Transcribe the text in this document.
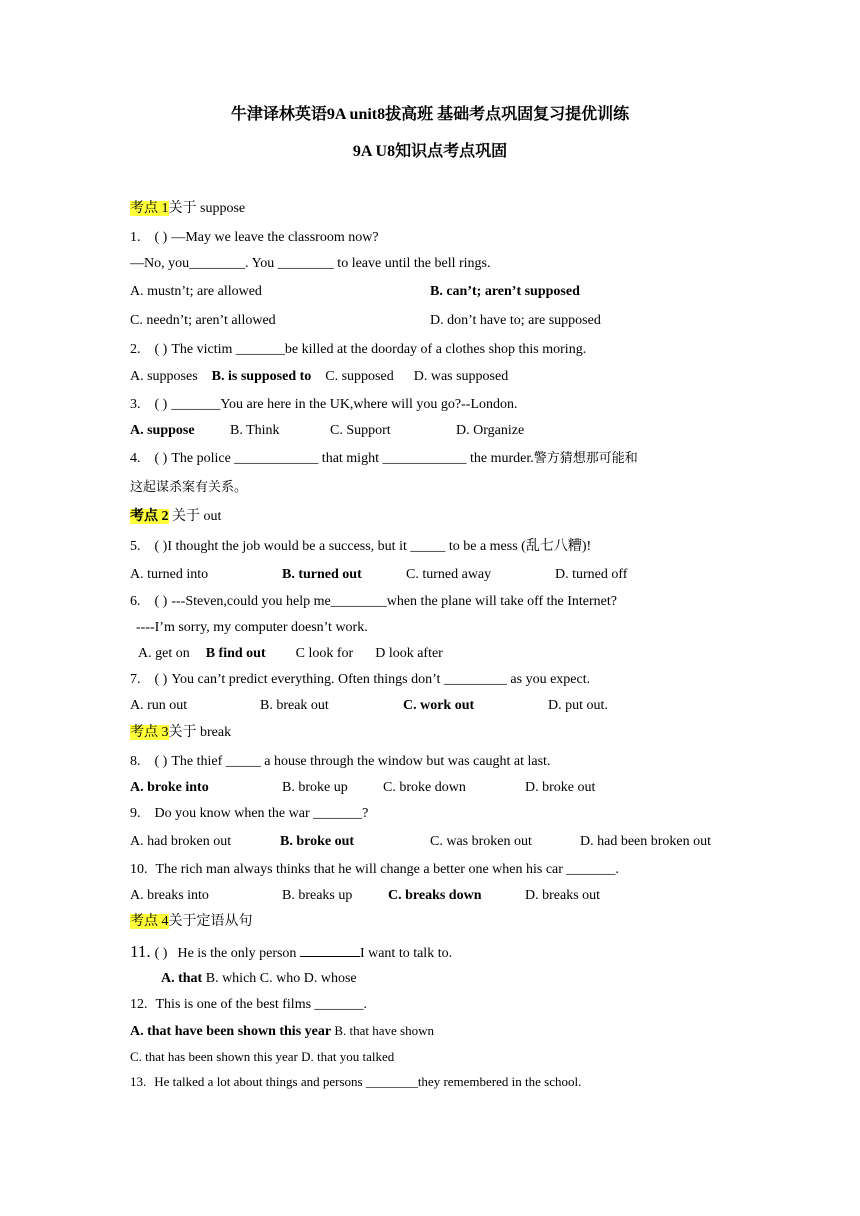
牛津译林英语9A unit8拔高班 基础考点巩固复习提优训练
9A U8知识点考点巩固
考点 1关于 suppose
1. ( ) —May we leave the classroom now?
—No, you________. You ________ to leave until the bell rings.
A. mustn’t; are allowed	B. can’t; aren’t supposed
C. needn’t; aren’t allowed	D. don’t have to; are supposed
2. ( ) The victim _______be killed at the doorday of a clothes shop this moring.
A. supposes B. is supposed to C. supposed D. was supposed
3. ( ) _______You are here in the UK,where will you go?--London.
A. suppose	B. Think	C. Support	D. Organize
4. ( ) The police ____________ that might ____________ the murder.警方猜想那可能和
这起谋杀案有关系。
考点 2 关于 out
5. ( )I thought the job would be a success, but it _____ to be a mess (乱七八糟)!
A. turned into	B. turned out	C. turned away	D. turned off
6. ( ) ---Steven,could you help me________when the plane will take off the Internet?
----I’m sorry, my computer doesn’t work.
A. get on B find out C look for D look after
7. ( ) You can’t predict everything. Often things don’t _________ as you expect.
A. run out	B. break out	C. work out	D. put out.
考点 3关于 break
8. ( ) The thief _____ a house through the window but was caught at last.
A. broke into	B. broke up	C. broke down	D. broke out
9. Do you know when the war _______?
A. had broken out	B. broke out	C. was broken out	D. had been broken out
10. The rich man always thinks that he will change a better one when his car _______.
A. breaks into	B. breaks up	C. breaks down	D. breaks out
考点 4关于定语从句
11. ( ) He is the only person	I want to talk to.
A. that B. which C. who D. whose
12. This is one of the best films _______.
A. that have been shown this year B. that have shown
C. that has been shown this year D. that you talked
13. He talked a lot about things and persons ________they remembered in the school.
